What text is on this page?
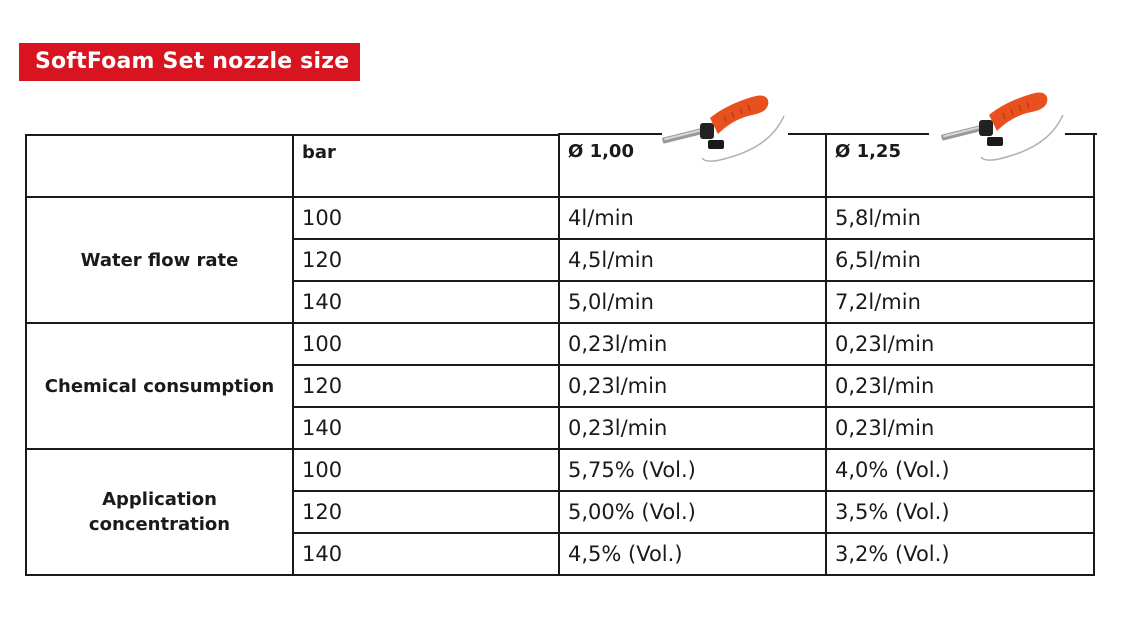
SoftFoam Set nozzle size
	bar	Ø 1,00	Ø 1,25

Water flow rate	100	4l/min	5,8l/min
	120	4,5l/min	6,5l/min
	140	5,0l/min	7,2l/min
Chemical consumption	100	0,23l/min	0,23l/min
	120	0,23l/min	0,23l/min
	140	0,23l/min	0,23l/min
Application
concentration	100	5,75% (Vol.)	4,0% (Vol.)
	120	5,00% (Vol.)	3,5% (Vol.)
	140	4,5% (Vol.)	3,2% (Vol.)
